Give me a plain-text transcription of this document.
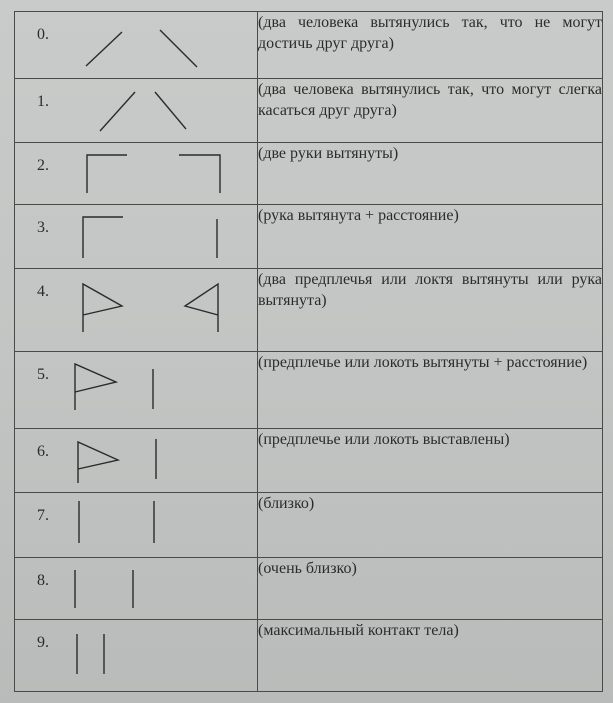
0.	(два человека вытянулись так, что не могут достичь друг друга)

1.	(два человека вытянулись так, что могут слегка касаться друг друга)

2.	(две руки вытянуты)

3.	(рука вытянута + расстояние)

4.	(два предплечья или локтя вытянуты или рука вытянута)

5.	(предплечье или локоть вытянуты + расстояние)

6.	(предплечье или локоть выставлены)

7.	(близко)

8.	(очень близко)

9.	(максимальный контакт тела)
